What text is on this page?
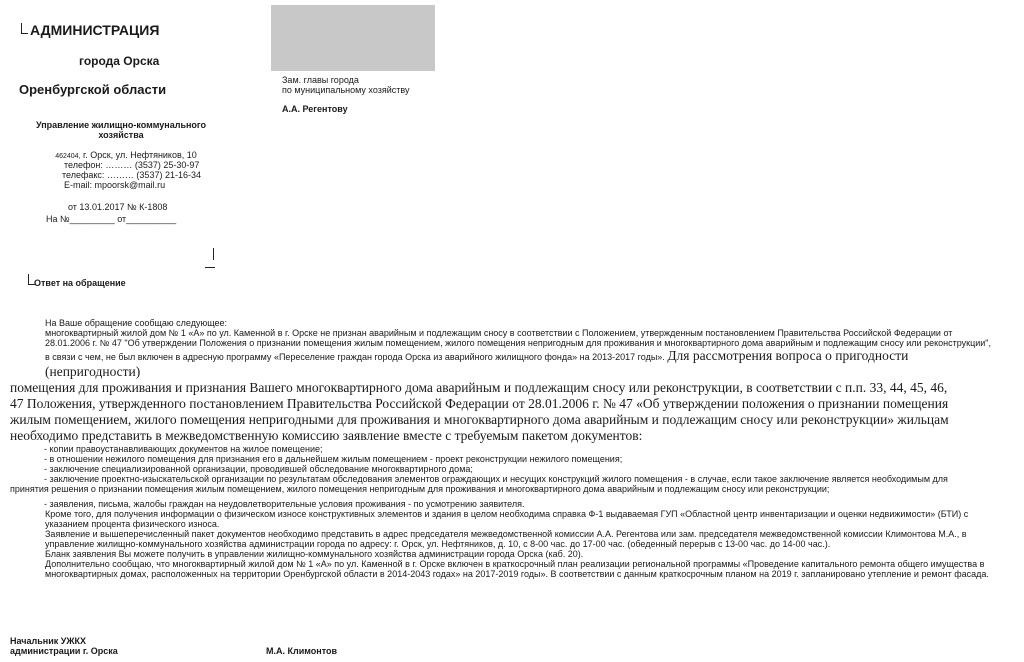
АДМИНИСТРАЦИЯ
города Орска
Оренбургской области
Управление жилищно-коммунального
хозяйства
462404, г. Орск, ул. Нефтяников, 10
телефон: ……… (3537) 25-30-97
телефакс: ……… (3537) 21-16-34
E-mail: mpoorsk@mail.ru
от 13.01.2017 № К-1808
На №_________ от__________
Зам. главы города
по муниципальному хозяйству
А.А. Регентову
Ответ на обращение

На Ваше обращение сообщаю следующее:

многоквартирный жилой дом № 1 «А» по ул. Каменной в г. Орске не признан аварийным и подлежащим сносу в соответствии с Положением, утвержденным постановлением Правительства Российской Федерации от 28.01.2006 г. № 47 "Об утверждении Положения о признании помещения жилым помещением, жилого помещения непригодным для проживания и многоквартирного дома аварийным и подлежащим сносу или реконструкции", в связи с чем, не был включен в адресную программу «Переселение граждан города Орска из аварийного жилищного фонда» на 2013-2017 годы». Для рассмотрения вопроса о пригодности (непригодности)

помещения для проживания и признания Вашего многоквартирного дома аварийным и подлежащим сносу или реконструкции, в соответствии с п.п. 33, 44, 45, 46,
47 Положения, утвержденного постановлением Правительства Российской Федерации от 28.01.2006 г. № 47 «Об утверждении положения о признании помещения
жилым помещением, жилого помещения непригодными для проживания и многоквартирного дома аварийным и подлежащим сносу или реконструкции» жильцам
необходимо представить в межведомственную комиссию заявление вместе с требуемым пакетом документов:
- копии правоустанавливающих документов на жилое помещение;
- в отношении нежилого помещения для признания его в дальнейшем жилым помещением - проект реконструкции нежилого помещения;
- заключение специализированной организации, проводившей обследование многоквартирного дома;
- заключение проектно-изыскательской организации по результатам обследования элементов ограждающих и несущих конструкций жилого помещения - в случае, если такое заключение является необходимым для
принятия решения о признании помещения жилым помещением, жилого помещения непригодным для проживания и многоквартирного дома аварийным и подлежащим сносу или реконструкции;
- заявления, письма, жалобы граждан на неудовлетворительные условия проживания - по усмотрению заявителя.

Кроме того, для получения информации о физическом износе конструктивных элементов и здания в целом необходима справка Ф-1 выдаваемая ГУП «Областной центр инвентаризации и оценки недвижимости» (БТИ) с указанием процента физического износа.

Заявление и вышеперечисленный пакет документов необходимо представить в адрес председателя межведомственной комиссии А.А. Регентова или зам. председателя межведомственной комиссии Климонтова М.А., в управление жилищно-коммунального хозяйства администрации города по адресу: г. Орск, ул. Нефтяников, д. 10, с 8-00 час. до 17-00 час. (обеденный перерыв с 13-00 час. до 14-00 час.).

Бланк заявления Вы можете получить в управлении жилищно-коммунального хозяйства администрации города Орска (каб. 20).

Дополнительно сообщаю, что многоквартирный жилой дом № 1 «А» по ул. Каменной в г. Орске включен в краткосрочный план реализации региональной программы «Проведение капитального ремонта общего имущества в многоквартирных домах, расположенных на территории Оренбургской области в 2014-2043 годах» на 2017-2019 годы». В соответствии с данным краткосрочным планом на 2019 г. запланировано утепление и ремонт фасада.

Начальник УЖКХ
администрации г. Орска	М.А. Климонтов
